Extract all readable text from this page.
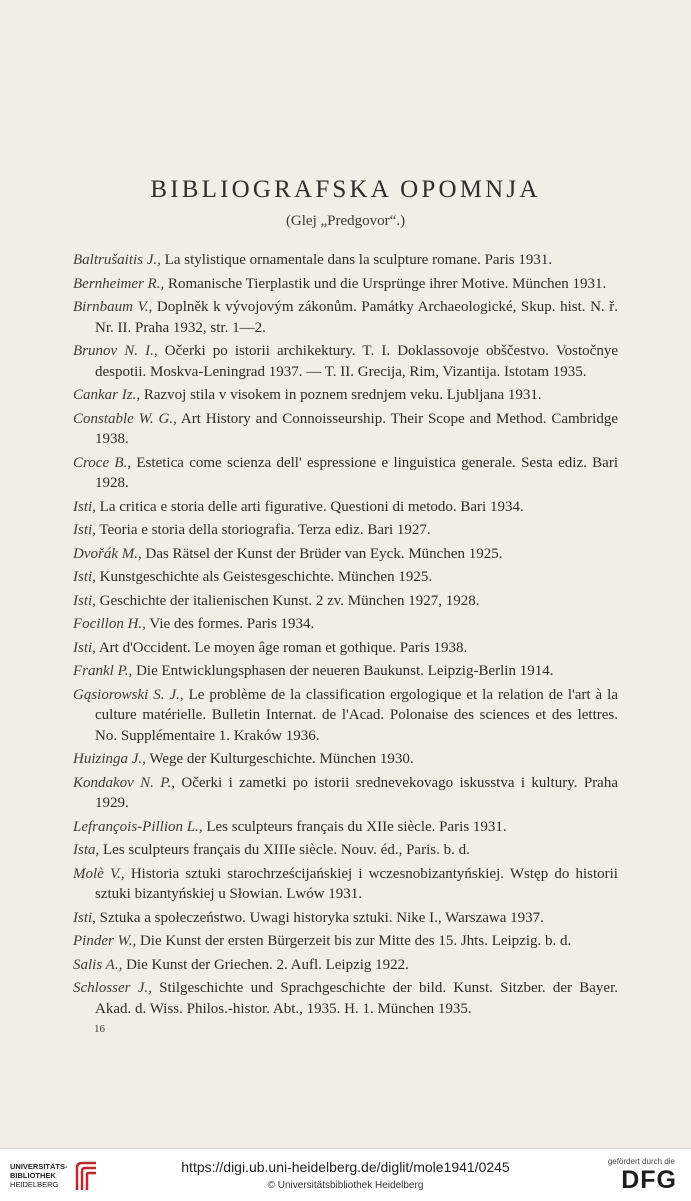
BIBLIOGRAFSKA OPOMNJA
(Glej „Predgovor“.)
Baltrušaitis J., La stylistique ornamentale dans la sculpture romane. Paris 1931.
Bernheimer R., Romanische Tierplastik und die Ursprünge ihrer Motive. München 1931.
Birnbaum V., Doplněk k vývojovým zákonům. Památky Archaeologické, Skup. hist. N. ř. Nr. II. Praha 1932, str. 1—2.
Brunov N. I., Očerki po istorii archikektury. T. I. Doklassovoje obščestvo. Vostočnye despotii. Moskva-Leningrad 1937. — T. II. Grecija, Rim, Vizantija. Istotam 1935.
Cankar Iz., Razvoj stila v visokem in poznem srednjem veku. Ljubljana 1931.
Constable W. G., Art History and Connoisseurship. Their Scope and Method. Cambridge 1938.
Croce B., Estetica come scienza dell' espressione e linguistica generale. Sesta ediz. Bari 1928.
Isti, La critica e storia delle arti figurative. Questioni di metodo. Bari 1934.
Isti, Teoria e storia della storiografia. Terza ediz. Bari 1927.
Dvořák M., Das Rätsel der Kunst der Brüder van Eyck. München 1925.
Isti, Kunstgeschichte als Geistesgeschichte. München 1925.
Isti, Geschichte der italienischen Kunst. 2 zv. München 1927, 1928.
Focillon H., Vie des formes. Paris 1934.
Isti, Art d'Occident. Le moyen âge roman et gothique. Paris 1938.
Frankl P., Die Entwicklungsphasen der neueren Baukunst. Leipzig-Berlin 1914.
Gąsiorowski S. J., Le problème de la classification ergologique et la relation de l'art à la culture matérielle. Bulletin Internat. de l'Acad. Polonaise des sciences et des lettres. No. Supplémentaire 1. Kraków 1936.
Huizinga J., Wege der Kulturgeschichte. München 1930.
Kondakov N. P., Očerki i zametki po istorii srednevekovago iskusstva i kultury. Praha 1929.
Lefrançois-Pillion L., Les sculpteurs français du XIIe siècle. Paris 1931.
Ista, Les sculpteurs français du XIIIe siècle. Nouv. éd., Paris. b. d.
Molè V., Historia sztuki starochrześcijańskiej i wczesnobizantyńskiej. Wstęp do historii sztuki bizantyńskiej u Słowian. Lwów 1931.
Isti, Sztuka a społeczeństwo. Uwagi historyka sztuki. Nike I., Warszawa 1937.
Pinder W., Die Kunst der ersten Bürgerzeit bis zur Mitte des 15. Jhts. Leipzig. b. d.
Salis A., Die Kunst der Griechen. 2. Aufl. Leipzig 1922.
Schlosser J., Stilgeschichte und Sprachgeschichte der bild. Kunst. Sitzber. der Bayer. Akad. d. Wiss. Philos.-histor. Abt., 1935. H. 1. München 1935.
16
UNIVERSITÄTS-
BIBLIOTHEK
HEIDELBERG
https://digi.ub.uni-heidelberg.de/diglit/mole1941/0245
© Universitätsbibliothek Heidelberg
gefördert durch die
DFG
